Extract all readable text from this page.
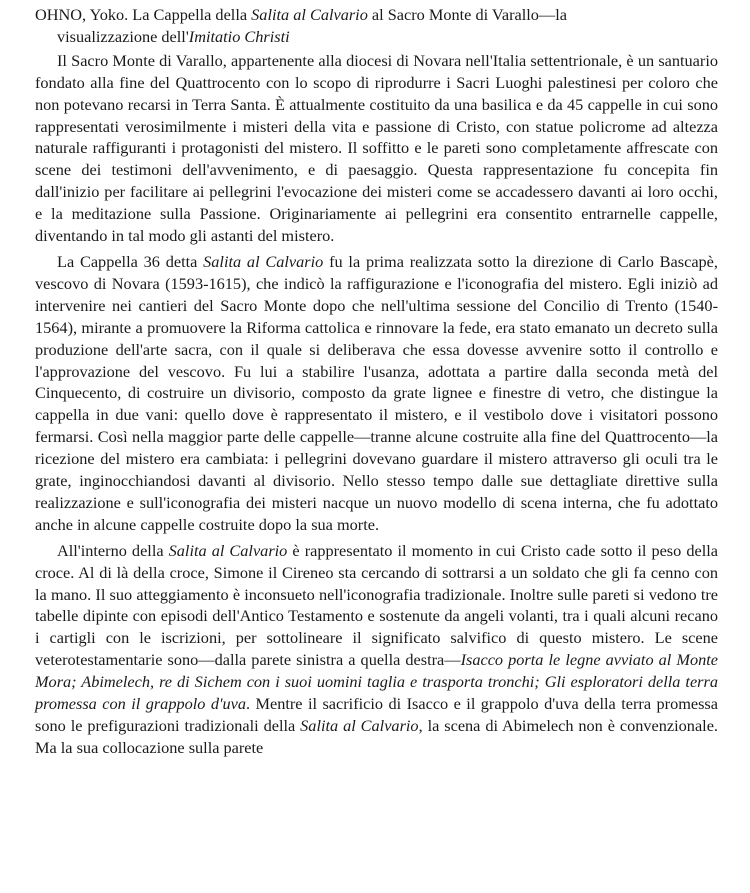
OHNO, Yoko. La Cappella della Salita al Calvario al Sacro Monte di Varallo—la
visualizzazione dell'Imitatio Christi

Il Sacro Monte di Varallo, appartenente alla diocesi di Novara nell'Italia settentrionale, è un santuario fondato alla fine del Quattrocento con lo scopo di riprodurre i Sacri Luoghi palestinesi per coloro che non potevano recarsi in Terra Santa. È attualmente costituito da una basilica e da 45 cappelle in cui sono rappresentati verosimilmente i misteri della vita e passione di Cristo, con statue policrome ad altezza naturale raffiguranti i protagonisti del mistero. Il soffitto e le pareti sono completamente affrescate con scene dei testimoni dell'avvenimento, e di paesaggio. Questa rappresentazione fu concepita fin dall'inizio per facilitare ai pellegrini l'evocazione dei misteri come se accadessero davanti ai loro occhi, e la meditazione sulla Passione. Originariamente ai pellegrini era consentito entrarnelle cappelle, diventando in tal modo gli astanti del mistero.

La Cappella 36 detta Salita al Calvario fu la prima realizzata sotto la direzione di Carlo Bascapè, vescovo di Novara (1593-1615), che indicò la raffigurazione e l'iconografia del mistero. Egli iniziò ad intervenire nei cantieri del Sacro Monte dopo che nell'ultima sessione del Concilio di Trento (1540-1564), mirante a promuovere la Riforma cattolica e rinnovare la fede, era stato emanato un decreto sulla produzione dell'arte sacra, con il quale si deliberava che essa dovesse avvenire sotto il controllo e l'approvazione del vescovo. Fu lui a stabilire l'usanza, adottata a partire dalla seconda metà del Cinquecento, di costruire un divisorio, composto da grate lignee e finestre di vetro, che distingue la cappella in due vani: quello dove è rappresentato il mistero, e il vestibolo dove i visitatori possono fermarsi. Così nella maggior parte delle cappelle—tranne alcune costruite alla fine del Quattrocento—la ricezione del mistero era cambiata: i pellegrini dovevano guardare il mistero attraverso gli oculi tra le grate, inginocchiandosi davanti al divisorio. Nello stesso tempo dalle sue dettagliate direttive sulla realizzazione e sull'iconografia dei misteri nacque un nuovo modello di scena interna, che fu adottato anche in alcune cappelle costruite dopo la sua morte.

All'interno della Salita al Calvario è rappresentato il momento in cui Cristo cade sotto il peso della croce. Al di là della croce, Simone il Cireneo sta cercando di sottrarsi a un soldato che gli fa cenno con la mano. Il suo atteggiamento è inconsueto nell'iconografia tradizionale. Inoltre sulle pareti si vedono tre tabelle dipinte con episodi dell'Antico Testamento e sostenute da angeli volanti, tra i quali alcuni recano i cartigli con le iscrizioni, per sottolineare il significato salvifico di questo mistero. Le scene veterotestamentarie sono—dalla parete sinistra a quella destra—Isacco porta le legne avviato al Monte Mora; Abimelech, re di Sichem con i suoi uomini taglia e trasporta tronchi; Gli esploratori della terra promessa con il grappolo d'uva. Mentre il sacrificio di Isacco e il grappolo d'uva della terra promessa sono le prefigurazioni tradizionali della Salita al Calvario, la scena di Abimelech non è convenzionale. Ma la sua collocazione sulla parete
